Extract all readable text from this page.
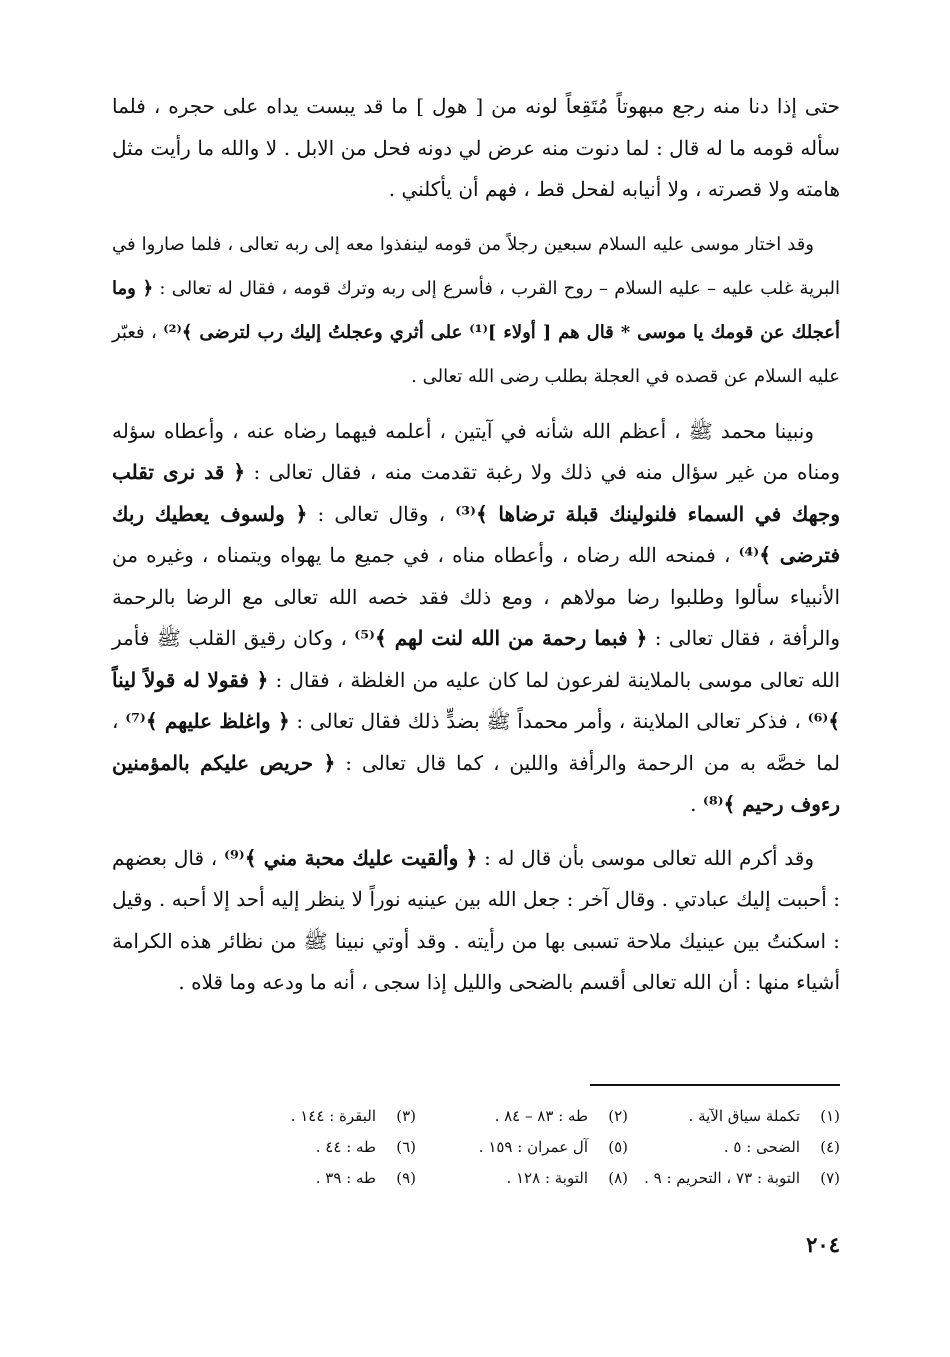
حتى إذا دنا منه رجع مبهوتاً مُتَقِعاً لونه من [ هول ] ما قد يبست يداه على حجره ، فلما سأله قومه ما له قال : لما دنوت منه عرض لي دونه فحل من الابل . لا والله ما رأيت مثل هامته ولا قصرته ، ولا أنيابه لفحل قط ، فهم أن يأكلني .

وقد اختار موسى عليه السلام سبعين رجلاً من قومه لينفذوا معه إلى ربه تعالى ، فلما صاروا في البرية غلب عليه – عليه السلام – روح القرب ، فأسرع إلى ربه وترك قومه ، فقال له تعالى : ﴿ وما أعجلك عن قومك يا موسى * قال هم [ أولاء ]⁽¹⁾ على أثري وعجلتُ إليك رب لترضى ﴾⁽²⁾ ، فعبّر عليه السلام عن قصده في العجلة بطلب رضى الله تعالى .

ونبينا محمد ﷺ ، أعظم الله شأنه في آيتين ، أعلمه فيهما رضاه عنه ، وأعطاه سؤله ومناه من غير سؤال منه في ذلك ولا رغبة تقدمت منه ، فقال تعالى : ﴿ قد نرى تقلب وجهك في السماء فلنولينك قبلة ترضاها ﴾⁽³⁾ ، وقال تعالى : ﴿ ولسوف يعطيك ربك فترضى ﴾⁽⁴⁾ ، فمنحه الله رضاه ، وأعطاه مناه ، في جميع ما يهواه ويتمناه ، وغيره من الأنبياء سألوا وطلبوا رضا مولاهم ، ومع ذلك فقد خصه الله تعالى مع الرضا بالرحمة والرأفة ، فقال تعالى : ﴿ فبما رحمة من الله لنت لهم ﴾⁽⁵⁾ ، وكان رقيق القلب ﷺ فأمر الله تعالى موسى بالملاينة لفرعون لما كان عليه من الغلظة ، فقال : ﴿ فقولا له قولاً ليناً ﴾⁽⁶⁾ ، فذكر تعالى الملاينة ، وأمر محمداً ﷺ بضدٍّ ذلك فقال تعالى : ﴿ واغلظ عليهم ﴾⁽⁷⁾ ، لما خصَّه به من الرحمة والرأفة واللين ، كما قال تعالى : ﴿ حريص عليكم بالمؤمنين رءوف رحيم ﴾⁽⁸⁾ .

وقد أكرم الله تعالى موسى بأن قال له : ﴿ وألقيت عليك محبة مني ﴾⁽⁹⁾ ، قال بعضهم : أحببت إليك عبادتي . وقال آخر : جعل الله بين عينيه نوراً لا ينظر إليه أحد إلا أحبه . وقيل : اسكنتُ بين عينيك ملاحة تسبى بها من رأيته . وقد أوتي نبينا ﷺ من نظائر هذه الكرامة أشياء منها : أن الله تعالى أقسم بالضحى والليل إذا سجى ، أنه ما ودعه وما قلاه .

(١)
تكملة سياق الآية .
(٢)
طه : ٨٣ – ٨٤ .
(٣)
البقرة : ١٤٤ .
(٤)
الضحى : ٥ .
(٥)
آل عمران : ١٥٩ .
(٦)
طه : ٤٤ .
(٧)
التوبة : ٧٣ ، التحريم : ٩ .
(٨)
التوبة : ١٢٨ .
(٩)
طه : ٣٩ .
٢٠٤
